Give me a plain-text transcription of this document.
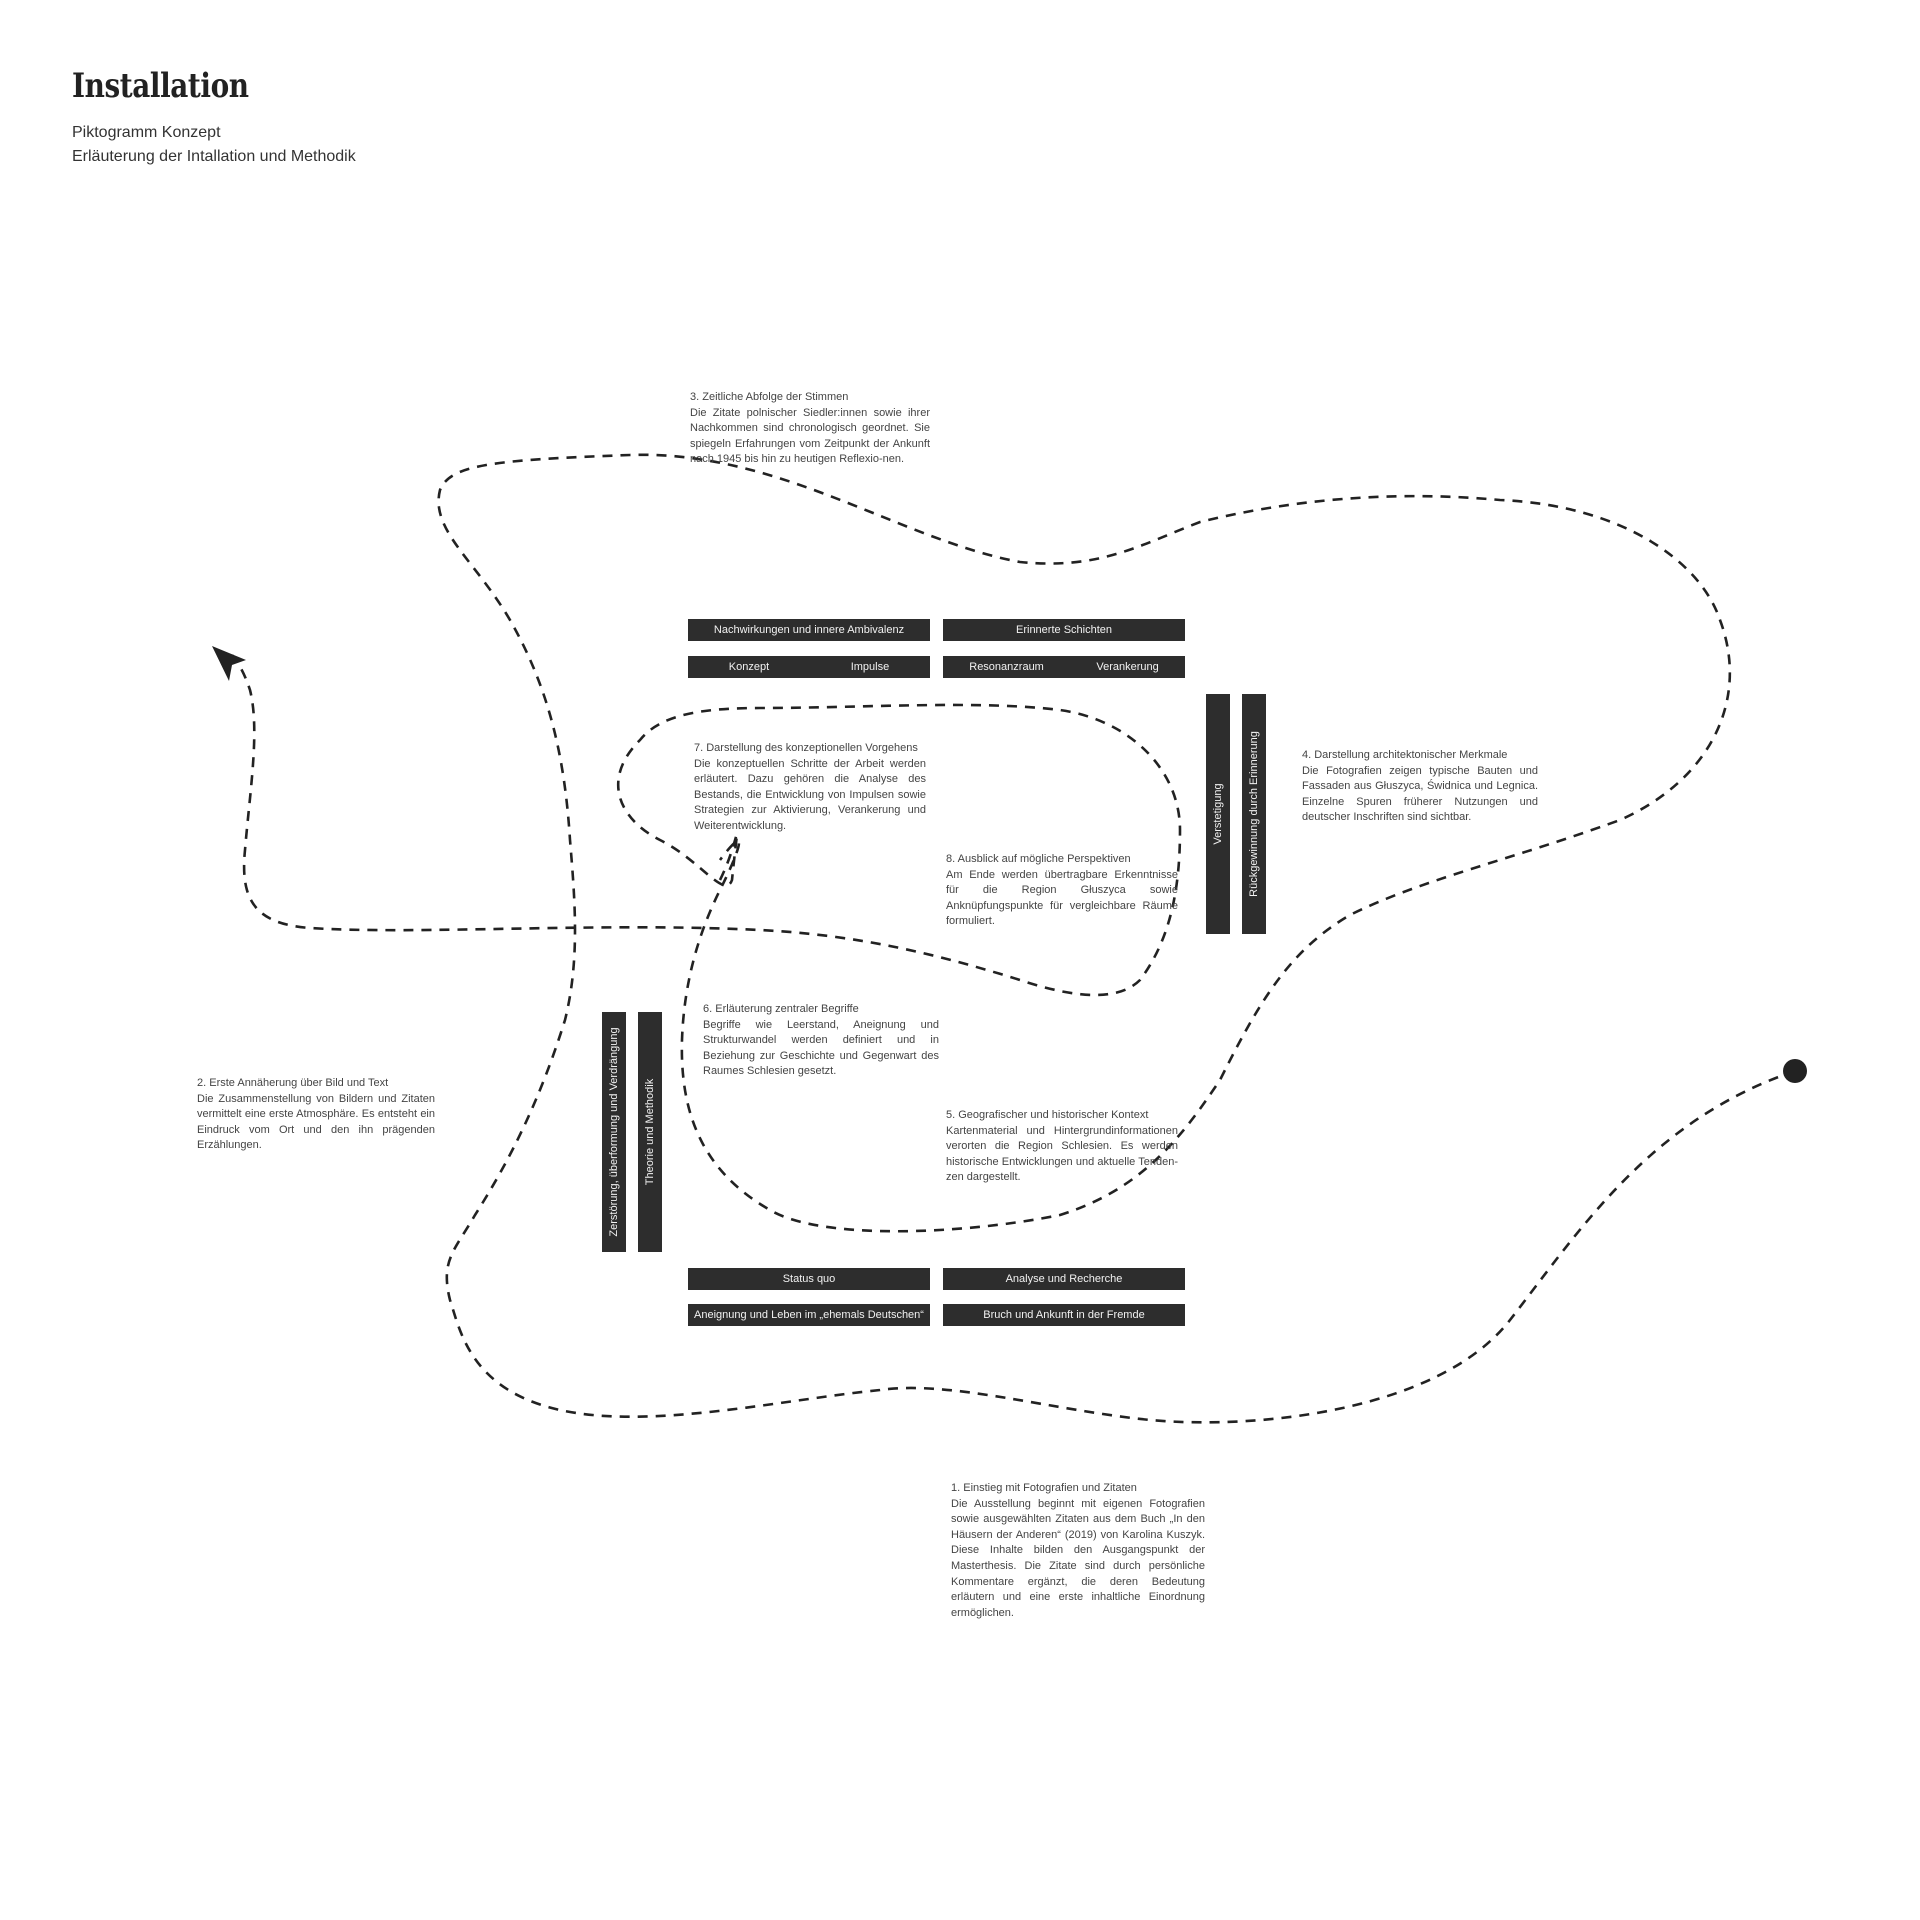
Installation
Piktogramm Konzept
Erläuterung der Intallation und Methodik
Nachwirkungen und innere Ambivalenz
Konzept	Impulse
Erinnerte Schichten
Resonanzraum	Verankerung
Verstetigung Rückgewinnung durch Erinnerung
Zerstörung, überformung und Verdrängung Theorie und Methodik
Status quo
Aneignung und Leben im „ehemals Deutschen“
Analyse und Recherche
Bruch und Ankunft in der Fremde
3. Zeitliche Abfolge der Stimmen
Die Zitate polnischer Siedler:innen sowie ihrer Nachkommen sind chronologisch geordnet. Sie spiegeln Erfahrungen vom Zeitpunkt der Ankunft nach 1945 bis hin zu heutigen Reflexio-nen.
7. Darstellung des konzeptionellen Vorgehens
Die konzeptuellen Schritte der Arbeit werden erläutert. Dazu gehören die Analyse des Bestands, die Entwicklung von Impulsen sowie Strategien zur Aktivierung, Verankerung und Weiterentwicklung.
8. Ausblick auf mögliche Perspektiven
Am Ende werden übertragbare Erkenntnisse für die Region Głuszyca sowie Anknüpfungspunkte für vergleichbare Räume formuliert.
4. Darstellung architektonischer Merkmale
Die Fotografien zeigen typische Bauten und Fassaden aus Głuszyca, Świdnica und Legnica. Einzelne Spuren früherer Nutzungen und deutscher Inschriften sind sichtbar.
6. Erläuterung zentraler Begriffe
Begriffe wie Leerstand, Aneignung und Strukturwandel werden definiert und in Beziehung zur Geschichte und Gegenwart des Raumes Schlesien gesetzt.
5. Geografischer und historischer Kontext
Kartenmaterial und Hintergrundinformationen verorten die Region Schlesien. Es werden historische Entwicklungen und aktuelle Tenden-zen dargestellt.
2. Erste Annäherung über Bild und Text
Die Zusammenstellung von Bildern und Zitaten vermittelt eine erste Atmosphäre. Es entsteht ein Eindruck vom Ort und den ihn prägenden Erzählungen.
1. Einstieg mit Fotografien und Zitaten
Die Ausstellung beginnt mit eigenen Fotografien sowie ausgewählten Zitaten aus dem Buch „In den Häusern der Anderen“ (2019) von Karolina Kuszyk. Diese Inhalte bilden den Ausgangspunkt der Masterthesis. Die Zitate sind durch persönliche Kommentare ergänzt, die deren Bedeutung erläutern und eine erste inhaltliche Einordnung ermöglichen.
